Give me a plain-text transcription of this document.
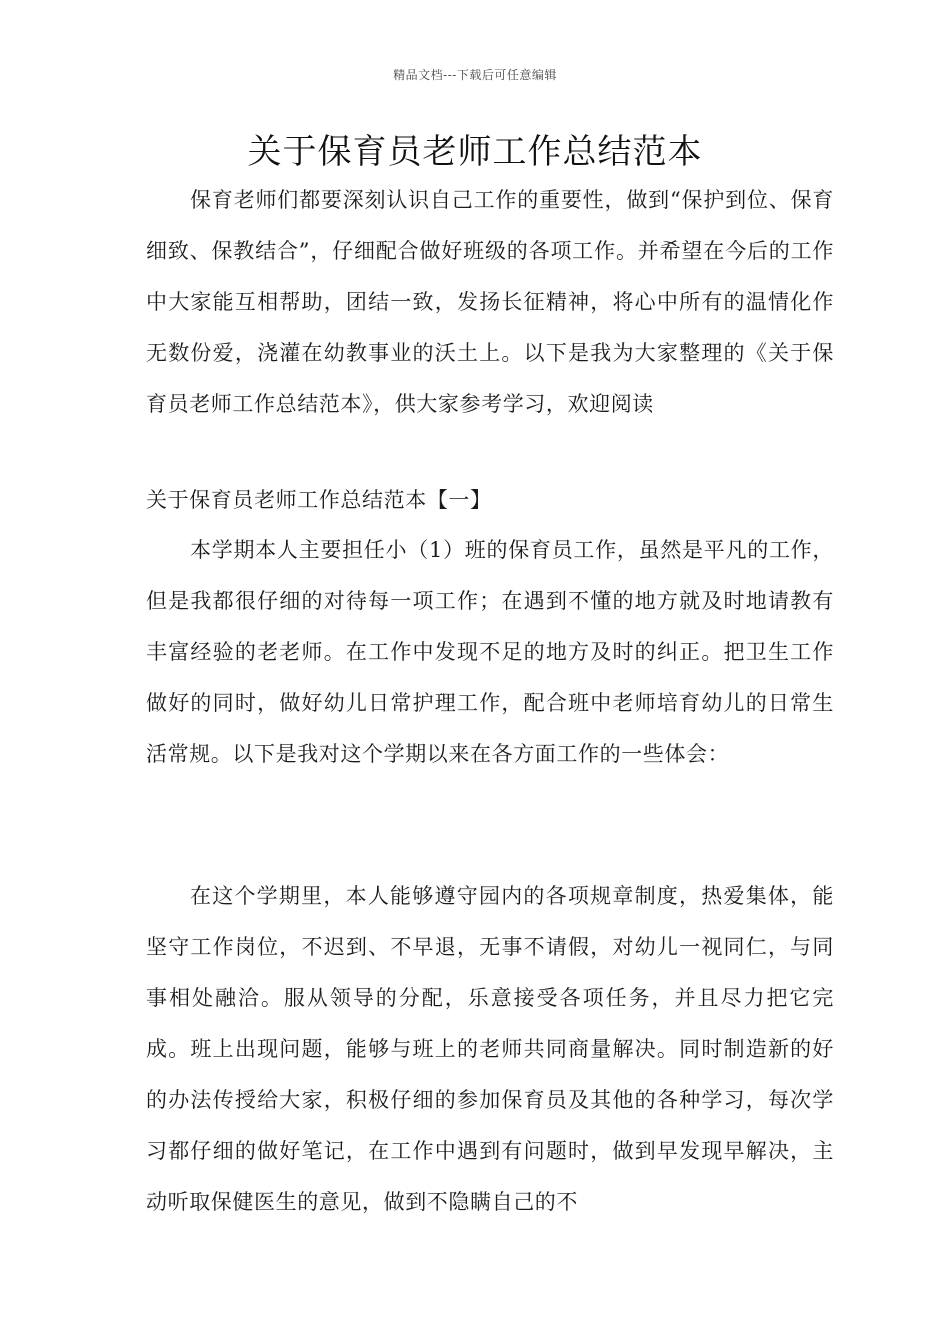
精品文档---下载后可任意编辑
关于保育员老师工作总结范本

保育老师们都要深刻认识自己工作的重要性，做到“保护到位、保育细致、保教结合”，仔细配合做好班级的各项工作。并希望在今后的工作中大家能互相帮助，团结一致，发扬长征精神，将心中所有的温情化作无数份爱，浇灌在幼教事业的沃土上。以下是我为大家整理的《关于保育员老师工作总结范本》，供大家参考学习，欢迎阅读

关于保育员老师工作总结范本【一】

本学期本人主要担任小（1）班的保育员工作，虽然是平凡的工作，但是我都很仔细的对待每一项工作；在遇到不懂的地方就及时地请教有丰富经验的老老师。在工作中发现不足的地方及时的纠正。把卫生工作做好的同时，做好幼儿日常护理工作，配合班中老师培育幼儿的日常生活常规。以下是我对这个学期以来在各方面工作的一些体会：

在这个学期里，本人能够遵守园内的各项规章制度，热爱集体，能坚守工作岗位，不迟到、不早退，无事不请假，对幼儿一视同仁，与同事相处融洽。服从领导的分配，乐意接受各项任务，并且尽力把它完成。班上出现问题，能够与班上的老师共同商量解决。同时制造新的好的办法传授给大家，积极仔细的参加保育员及其他的各种学习，每次学习都仔细的做好笔记，在工作中遇到有问题时，做到早发现早解决，主动听取保健医生的意见，做到不隐瞒自己的不
